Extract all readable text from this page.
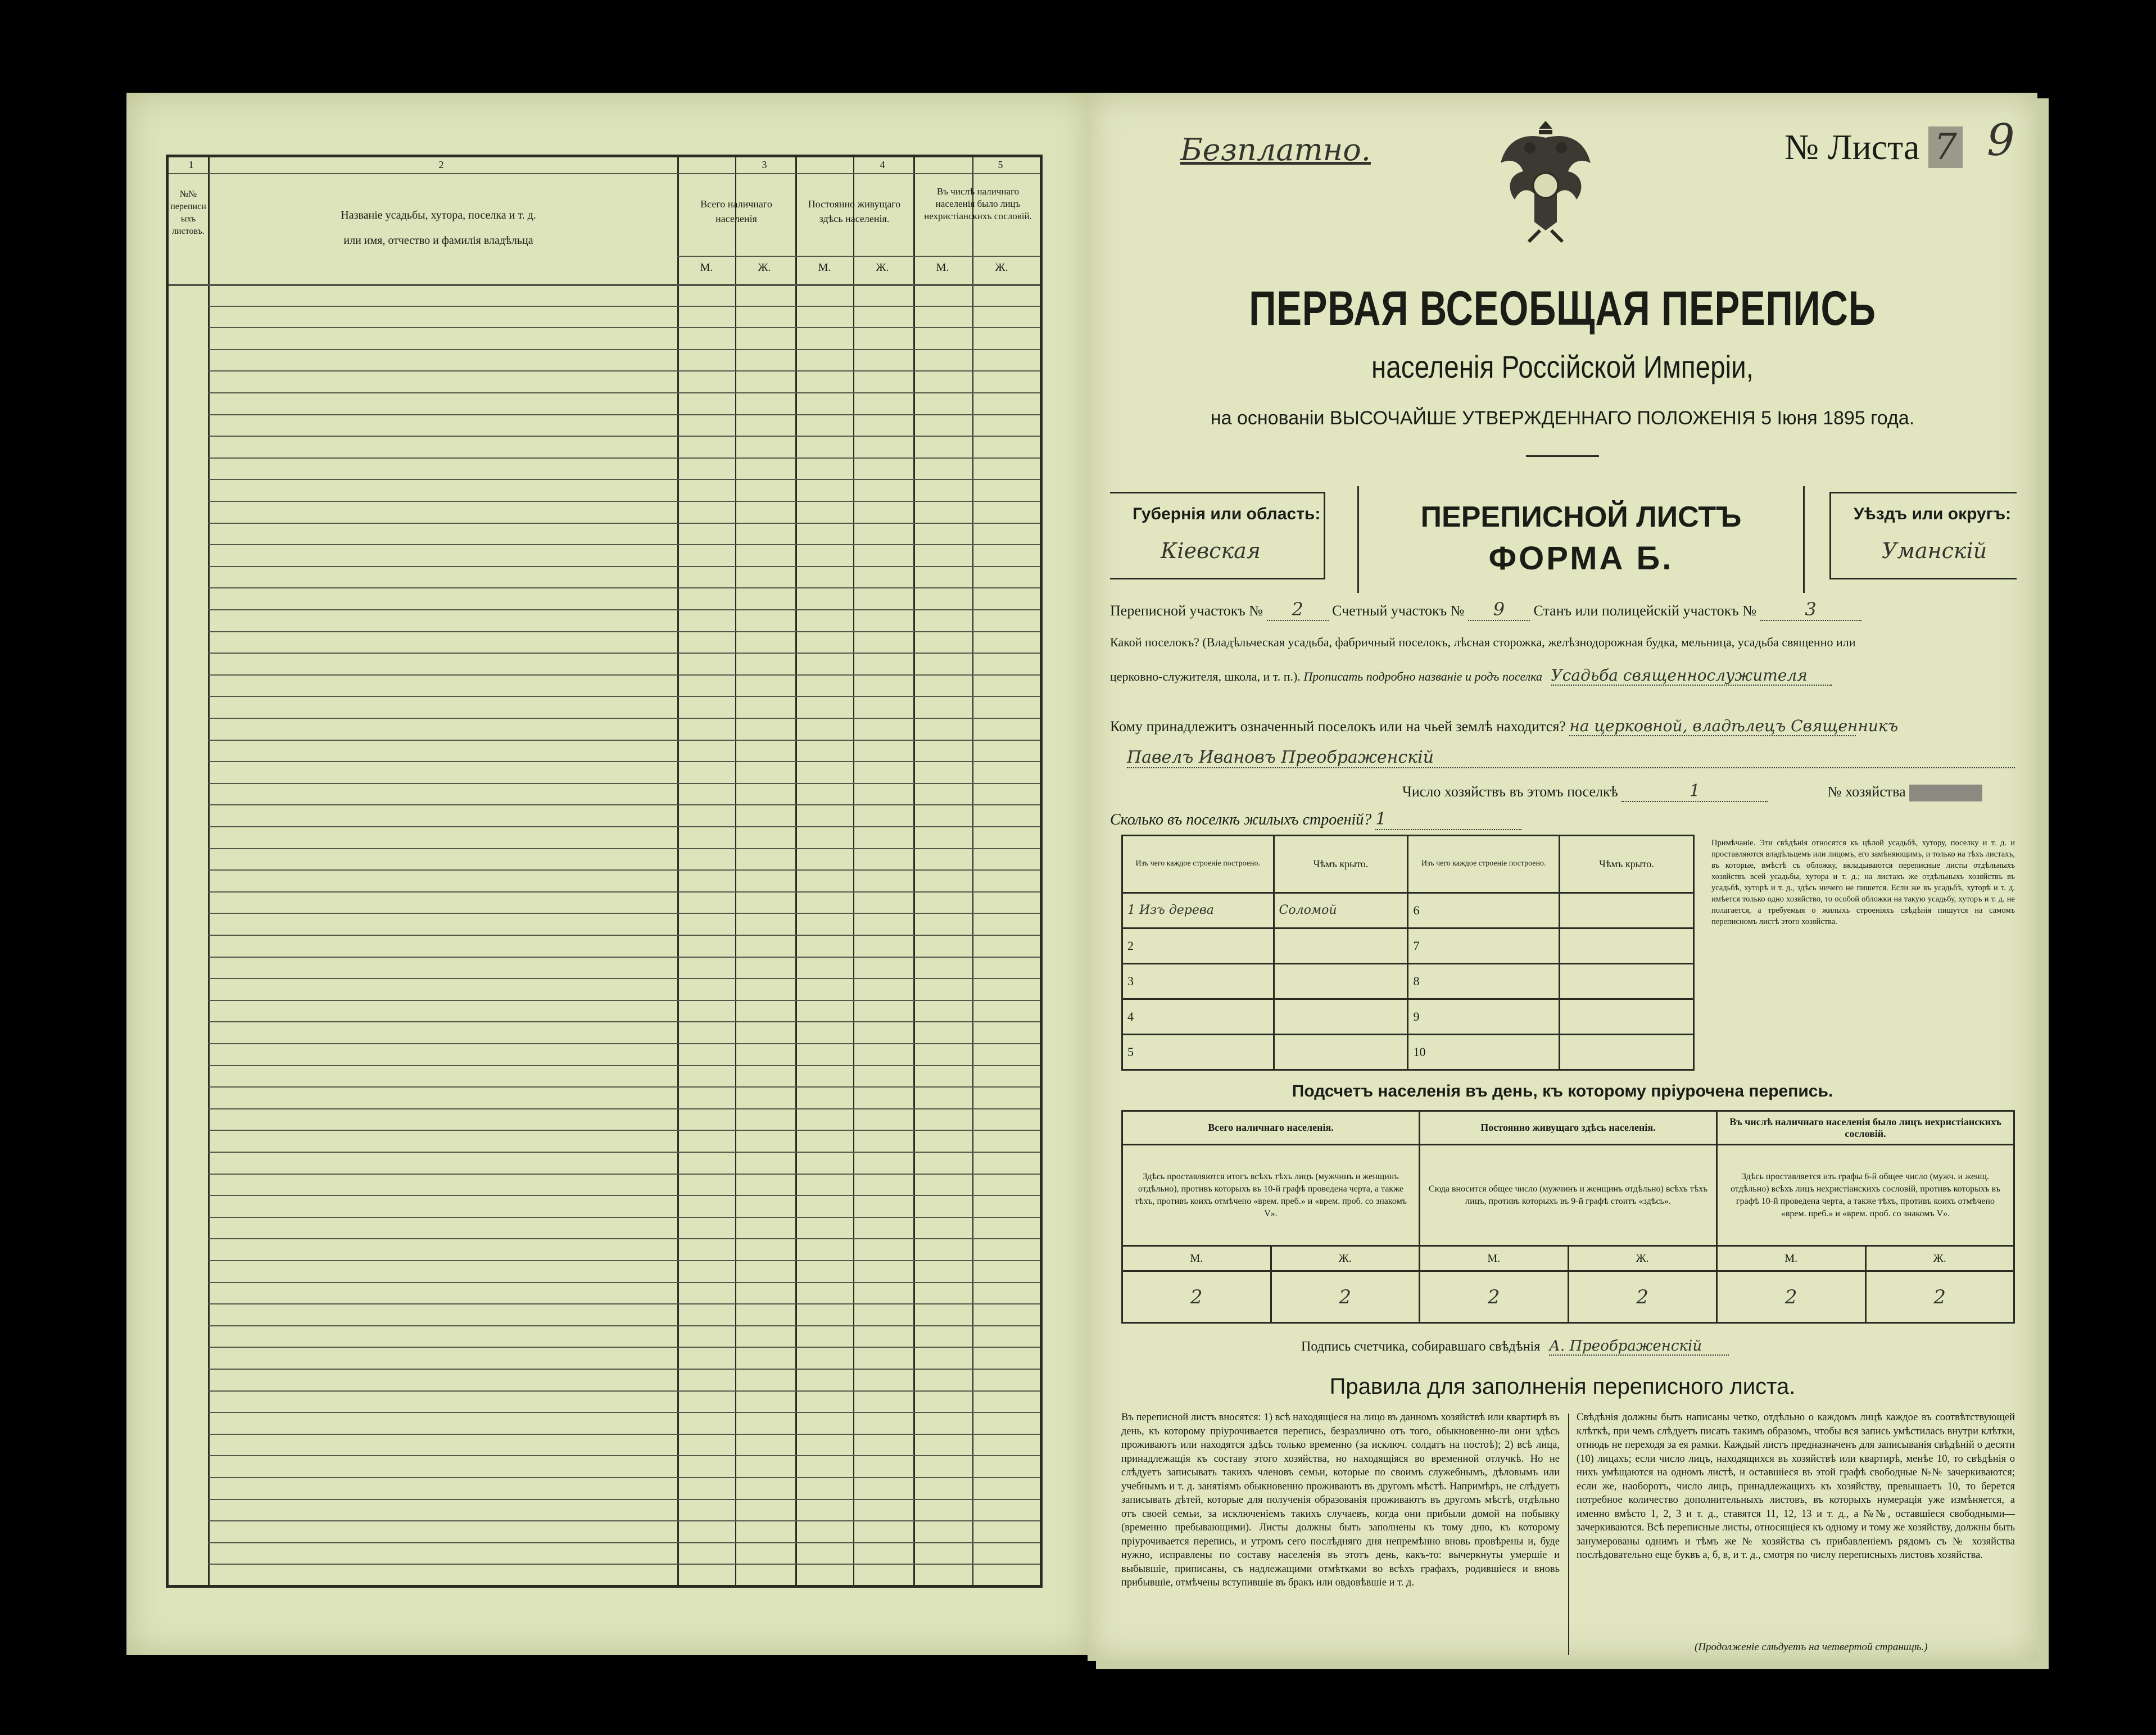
1	2	3	4	5
№№ переписныхъ листовъ.
Названіе усадьбы, хутора, поселка и т. д.
или имя, отчество и фамилія владѣльца
Всего наличнаго населенія
Постоянно живущаго здѣсь населенія.
Въ числѣ наличнаго населенія было лицъ нехристіанскихъ сословій.
М.	Ж.	М.	Ж.	М.	Ж.
Безплатно.	№ Листа 7 9
ПЕРВАЯ ВСЕОБЩАЯ ПЕРЕПИСЬ
населенія Россійской Имперіи,
на основаніи ВЫСОЧАЙШЕ УТВЕРЖДЕННАГО ПОЛОЖЕНІЯ 5 Іюня 1895 года.
Губернія или область:
Кіевская
ПЕРЕПИСНОЙ ЛИСТЪ
ФОРМА Б.
Уѣздъ или округъ:
Уманскій
Переписной участокъ № 2 Счетный участокъ № 9 Станъ или полицейскій участокъ №	3
Какой поселокъ? (Владѣльческая усадьба, фабричный поселокъ, лѣсная сторожка, желѣзнодорожная будка, мельница, усадьба священно или
церковно-служителя, школа, и т. п.). Прописать подробно названіе и родъ поселка Усадьба священнослужителя
Кому принадлежитъ означенный поселокъ или на чьей землѣ находится? на церковной, владѣлецъ Священникъ
Павелъ Ивановъ Преображенскій
Число хозяйствъ въ этомъ поселкѣ	1	№ хозяйства
Сколько въ поселкѣ жилыхъ строеній? 1
Изъ чего каждое строеніе построено.	Чѣмъ крыто.	Изъ чего каждое строеніе построено.	Чѣмъ крыто.
1 Изъ дерева	Соломой	6	
2		7	
3		8	
4		9	
5		10	
Примѣчаніе. Эти свѣдѣнія относятся къ цѣлой усадьбѣ, хутору, поселку и т. д. и проставляются владѣльцемъ или лицомъ, его замѣняющимъ, и только на тѣхъ листахъ, въ которые, вмѣстѣ съ обложку, вкладываются переписные листы отдѣльныхъ хозяйствъ всей усадьбы, хутора и т. д.; на листахъ же отдѣльныхъ хозяйствъ въ усадьбѣ, хуторѣ и т. д., здѣсь ничего не пишется. Если же въ усадьбѣ, хуторѣ и т. д. имѣется только одно хозяйство, то особой обложки на такую усадьбу, хуторъ и т. д. не полагается, а требуемыя о жилыхъ строеніяхъ свѣдѣнія пишутся на самомъ переписномъ листѣ этого хозяйства.
Подсчетъ населенія въ день, къ которому пріурочена перепись.
Всего наличнаго населенія.		Постоянно живущаго здѣсь населенія.		Въ числѣ наличнаго населенія было лицъ нехристіанскихъ сословій.	
Здѣсь проставляются итогъ всѣхъ тѣхъ лицъ (мужчинъ и женщинъ отдѣльно), противъ которыхъ въ 10-й графѣ проведена черта, а также тѣхъ, противъ коихъ отмѣчено «врем. преб.» и «врем. проб. со знакомъ V».		Сюда вносится общее число (мужчинъ и женщинъ отдѣльно) всѣхъ тѣхъ лицъ, противъ которыхъ въ 9-й графѣ стоитъ «здѣсь».		Здѣсь проставляется изъ графы 6-й общее число (мужч. и женщ. отдѣльно) всѣхъ лицъ нехристіанскихъ сословій, противъ которыхъ въ графѣ 10-й проведена черта, а также тѣхъ, противъ коихъ отмѣчено «врем. преб.» и «врем. проб. со знакомъ V».	
М.	Ж.	М.	Ж.	М.	Ж.
2	2	2	2	2	2
Подпись счетчика, собиравшаго свѣдѣнія А. Преображенскій
Правила для заполненія переписного листа.
Въ переписной листъ вносятся: 1) всѣ находящіеся на лицо въ данномъ хозяйствѣ или квартирѣ въ день, къ которому пріурочивается перепись, безразлично отъ того, обыкновенно-ли они здѣсь проживаютъ или находятся здѣсь только временно (за исключ. солдатъ на постоѣ); 2) всѣ лица, принадлежащія къ составу этого хозяйства, но находящіяся во временной отлучкѣ. Но не слѣдуетъ записывать такихъ членовъ семьи, которые по своимъ служебнымъ, дѣловымъ или учебнымъ и т. д. занятіямъ обыкновенно проживаютъ въ другомъ мѣстѣ. Напримѣръ, не слѣдуетъ записывать дѣтей, которые для полученія образованія проживаютъ въ другомъ мѣстѣ, отдѣльно отъ своей семьи, за исключеніемъ такихъ случаевъ, когда они прибыли домой на побывку (временно пребывающими). Листы должны быть заполнены къ тому дню, къ которому пріурочивается перепись, и утромъ сего послѣдняго дня непремѣнно вновь провѣрены и, буде нужно, исправлены по составу населенія въ этотъ день, какъ-то: вычеркнуты умершіе и выбывшіе, приписаны, съ надлежащими отмѣтками во всѣхъ графахъ, родившіеся и вновь прибывшіе, отмѣчены вступившіе въ бракъ или овдовѣвшіе и т. д.
Свѣдѣнія должны быть написаны четко, отдѣльно о каждомъ лицѣ каждое въ соотвѣтствующей клѣткѣ, при чемъ слѣдуетъ писать такимъ образомъ, чтобы вся запись умѣстилась внутри клѣтки, отнюдь не переходя за ея рамки. Каждый листъ предназначенъ для записыванія свѣдѣній о десяти (10) лицахъ; если число лицъ, находящихся въ хозяйствѣ или квартирѣ, менѣе 10, то свѣдѣнія о нихъ умѣщаются на одномъ листѣ, и оставшіеся въ этой графѣ свободные №№ зачеркиваются; если же, наоборотъ, число лицъ, принадлежащихъ къ хозяйству, превышаетъ 10, то берется потребное количество дополнительныхъ листовъ, въ которыхъ нумерація уже измѣняется, а именно вмѣсто 1, 2, 3 и т. д., ставятся 11, 12, 13 и т. д., а №№, оставшіеся свободными—зачеркиваются. Всѣ переписные листы, относящіеся къ одному и тому же хозяйству, должны быть занумерованы однимъ и тѣмъ же № хозяйства съ прибавленіемъ рядомъ съ № хозяйства послѣдовательно еще буквъ а, б, в, и т. д., смотря по числу переписныхъ листовъ хозяйства.
(Продолженіе слѣдуетъ на четвертой страницѣ.)
